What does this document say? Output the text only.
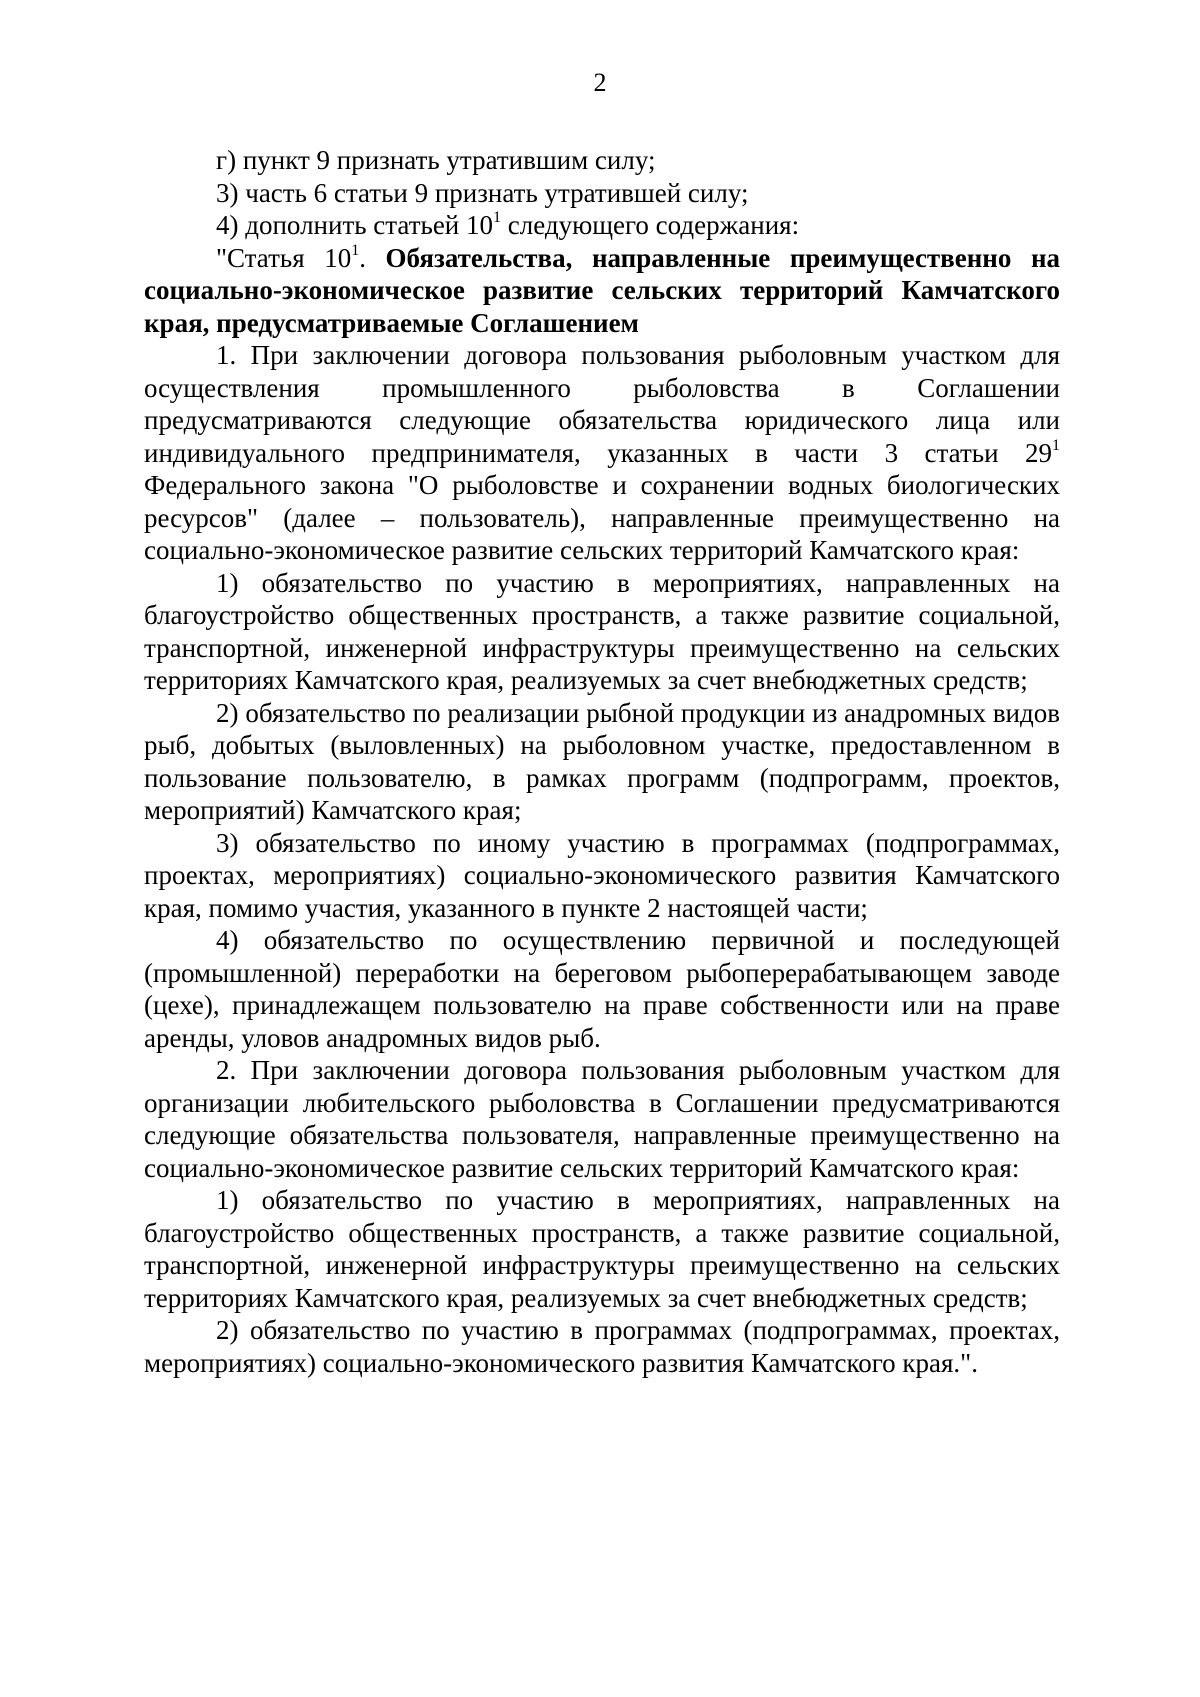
2

г) пункт 9 признать утратившим силу;

3) часть 6 статьи 9 признать утратившей силу;

4) дополнить статьей $10^1$ следующего содержания:

"Статья $10^1$. Обязательства, направленные преимущественно на социально-экономическое развитие сельских территорий Камчатского края, предусматриваемые Соглашением

1. При заключении договора пользования рыболовным участком для осуществления промышленного рыболовства в Соглашении предусматриваются следующие обязательства юридического лица или индивидуального предпринимателя, указанных в части 3 статьи $29^1$ Федерального закона "О рыболовстве и сохранении водных биологических ресурсов" (далее – пользователь), направленные преимущественно на социально-экономическое развитие сельских территорий Камчатского края:

1) обязательство по участию в мероприятиях, направленных на благоустройство общественных пространств, а также развитие социальной, транспортной, инженерной инфраструктуры преимущественно на сельских территориях Камчатского края, реализуемых за счет внебюджетных средств;

2) обязательство по реализации рыбной продукции из анадромных видов рыб, добытых (выловленных) на рыболовном участке, предоставленном в пользование пользователю, в рамках программ (подпрограмм, проектов, мероприятий) Камчатского края;

3) обязательство по иному участию в программах (подпрограммах, проектах, мероприятиях) социально-экономического развития Камчатского края, помимо участия, указанного в пункте 2 настоящей части;

4) обязательство по осуществлению первичной и последующей (промышленной) переработки на береговом рыбоперерабатывающем заводе (цехе), принадлежащем пользователю на праве собственности или на праве аренды, уловов анадромных видов рыб.

2. При заключении договора пользования рыболовным участком для организации любительского рыболовства в Соглашении предусматриваются следующие обязательства пользователя, направленные преимущественно на социально-экономическое развитие сельских территорий Камчатского края:

1) обязательство по участию в мероприятиях, направленных на благоустройство общественных пространств, а также развитие социальной, транспортной, инженерной инфраструктуры преимущественно на сельских территориях Камчатского края, реализуемых за счет внебюджетных средств;

2) обязательство по участию в программах (подпрограммах, проектах, мероприятиях) социально-экономического развития Камчатского края.".
